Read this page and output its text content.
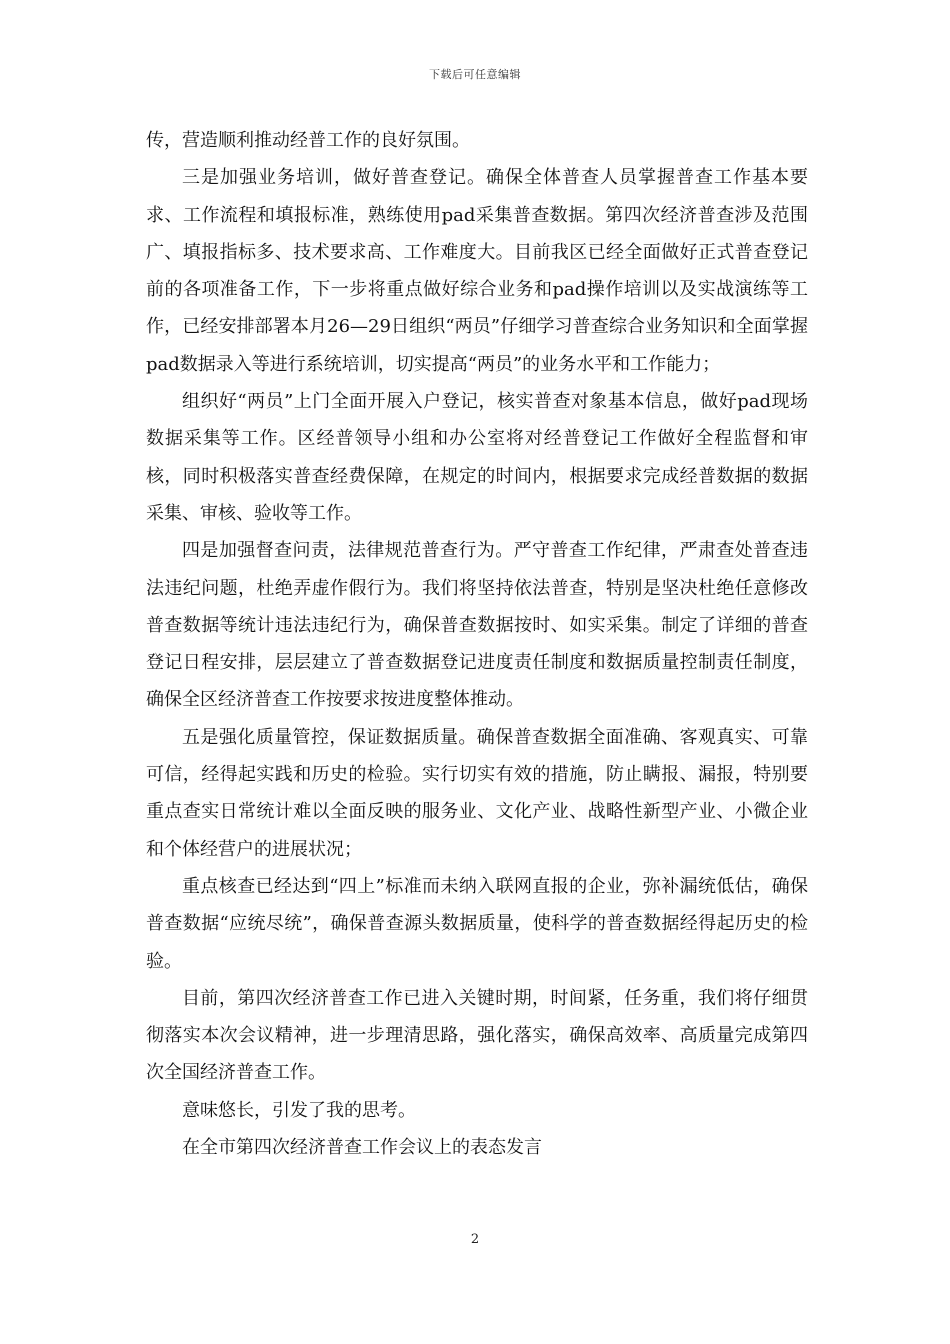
下载后可任意编辑

传，营造顺利推动经普工作的良好氛围。

三是加强业务培训，做好普查登记。确保全体普查人员掌握普查工作基本要求、工作流程和填报标准，熟练使用pad采集普查数据。第四次经济普查涉及范围广、填报指标多、技术要求高、工作难度大。目前我区已经全面做好正式普查登记前的各项准备工作，下一步将重点做好综合业务和pad操作培训以及实战演练等工作，已经安排部署本月26—29日组织“两员”仔细学习普查综合业务知识和全面掌握pad数据录入等进行系统培训，切实提高“两员”的业务水平和工作能力；

组织好“两员”上门全面开展入户登记，核实普查对象基本信息，做好pad现场数据采集等工作。区经普领导小组和办公室将对经普登记工作做好全程监督和审核，同时积极落实普查经费保障，在规定的时间内，根据要求完成经普数据的数据采集、审核、验收等工作。

四是加强督查问责，法律规范普查行为。严守普查工作纪律，严肃查处普查违法违纪问题，杜绝弄虚作假行为。我们将坚持依法普查，特别是坚决杜绝任意修改普查数据等统计违法违纪行为，确保普查数据按时、如实采集。制定了详细的普查登记日程安排，层层建立了普查数据登记进度责任制度和数据质量控制责任制度，确保全区经济普查工作按要求按进度整体推动。

五是强化质量管控，保证数据质量。确保普查数据全面准确、客观真实、可靠可信，经得起实践和历史的检验。实行切实有效的措施，防止瞒报、漏报，特别要重点查实日常统计难以全面反映的服务业、文化产业、战略性新型产业、小微企业和个体经营户的进展状况；

重点核查已经达到“四上”标准而未纳入联网直报的企业，弥补漏统低估，确保普查数据“应统尽统”，确保普查源头数据质量，使科学的普查数据经得起历史的检验。

目前，第四次经济普查工作已进入关键时期，时间紧，任务重，我们将仔细贯彻落实本次会议精神，进一步理清思路，强化落实，确保高效率、高质量完成第四次全国经济普查工作。

意味悠长，引发了我的思考。

在全市第四次经济普查工作会议上的表态发言

2
